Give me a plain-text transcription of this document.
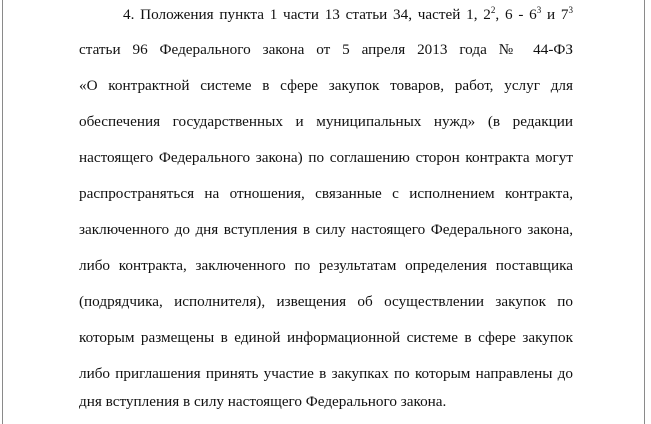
4. Положения пункта 1 части 13 статьи 34, частей 1, $2^2$, $6 - 6^3$ и $7^3$
статьи 96 Федерального закона от 5 апреля 2013 года № 44-ФЗ
«О контрактной системе в сфере закупок товаров, работ, услуг для
обеспечения государственных и муниципальных нужд» (в редакции
настоящего Федерального закона) по соглашению сторон контракта могут
распространяться на отношения, связанные с исполнением контракта,
заключенного до дня вступления в силу настоящего Федерального закона,
либо контракта, заключенного по результатам определения поставщика
(подрядчика, исполнителя), извещения об осуществлении закупок по
которым размещены в единой информационной системе в сфере закупок
либо приглашения принять участие в закупках по которым направлены до
дня вступления в силу настоящего Федерального закона.
